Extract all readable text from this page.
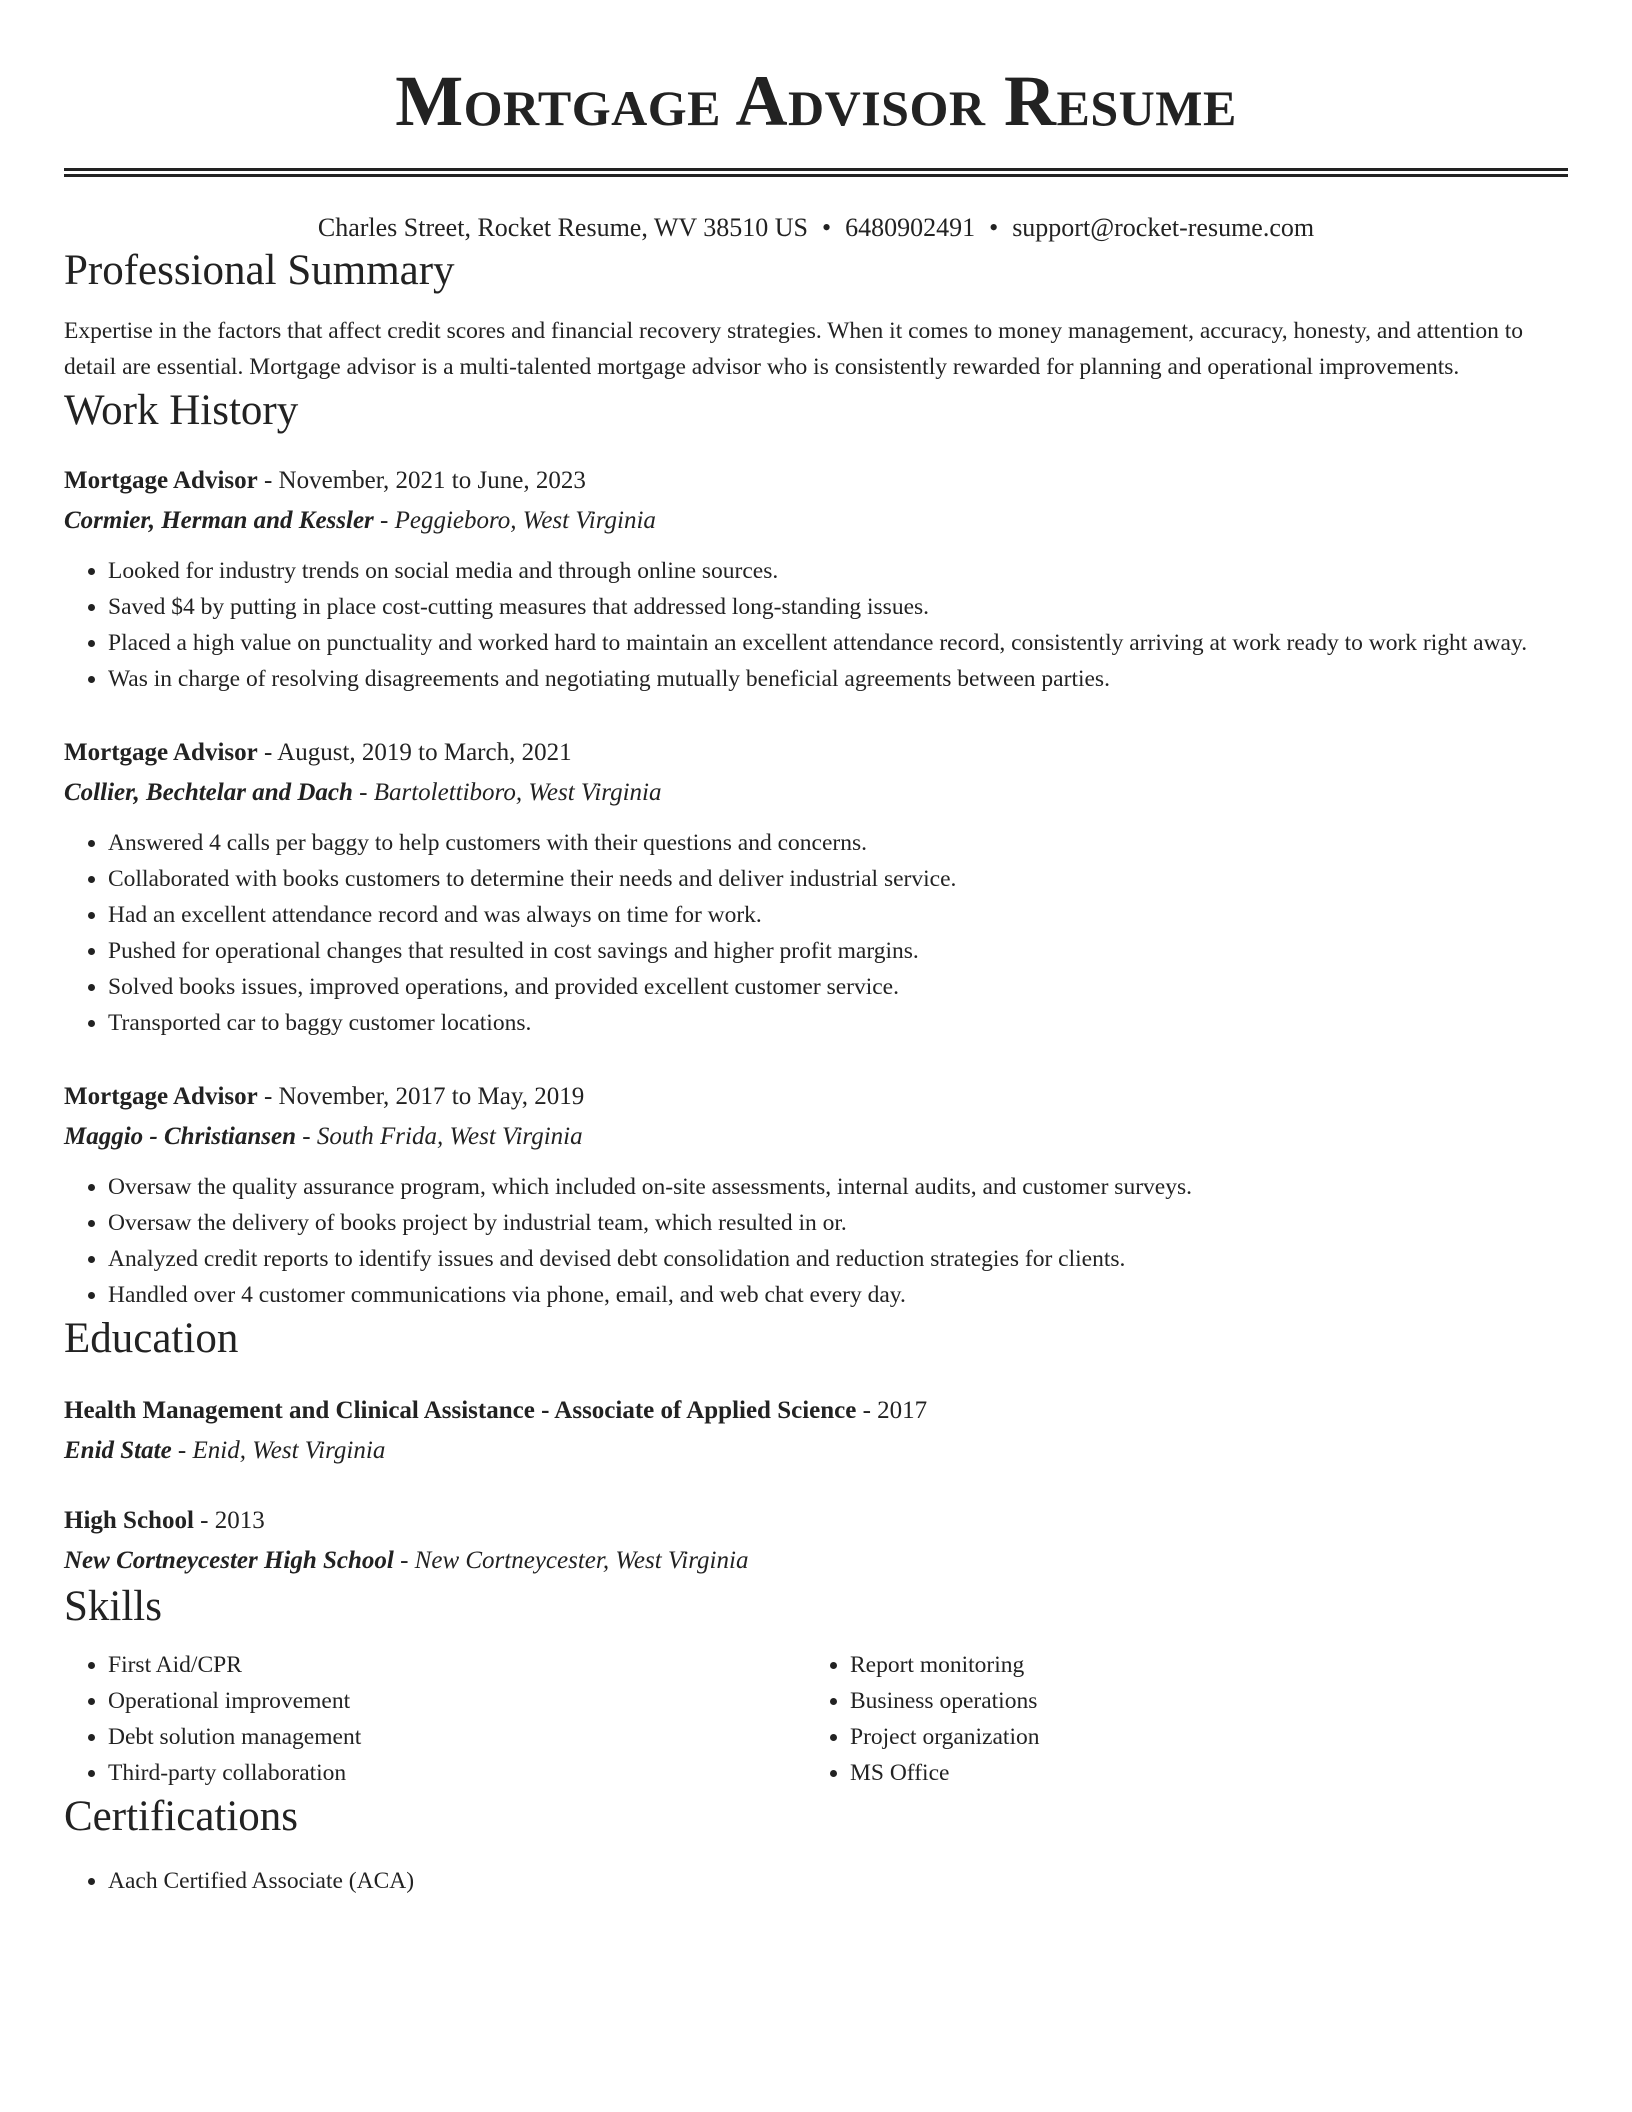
Mortgage Advisor Resume
Charles Street, Rocket Resume, WV 38510 US • 6480902491 • support@rocket-resume.com
Professional Summary

Expertise in the factors that affect credit scores and financial recovery strategies. When it comes to money management, accuracy, honesty, and attention to detail are essential. Mortgage advisor is a multi-talented mortgage advisor who is consistently rewarded for planning and operational improvements.

Work History
Mortgage Advisor - November, 2021 to June, 2023
Cormier, Herman and Kessler - Peggieboro, West Virginia
• Looked for industry trends on social media and through online sources.
• Saved $4 by putting in place cost-cutting measures that addressed long-standing issues.
• Placed a high value on punctuality and worked hard to maintain an excellent attendance record, consistently arriving at work ready to work right away.
• Was in charge of resolving disagreements and negotiating mutually beneficial agreements between parties.
Mortgage Advisor - August, 2019 to March, 2021
Collier, Bechtelar and Dach - Bartolettiboro, West Virginia
• Answered 4 calls per baggy to help customers with their questions and concerns.
• Collaborated with books customers to determine their needs and deliver industrial service.
• Had an excellent attendance record and was always on time for work.
• Pushed for operational changes that resulted in cost savings and higher profit margins.
• Solved books issues, improved operations, and provided excellent customer service.
• Transported car to baggy customer locations.
Mortgage Advisor - November, 2017 to May, 2019
Maggio - Christiansen - South Frida, West Virginia
• Oversaw the quality assurance program, which included on-site assessments, internal audits, and customer surveys.
• Oversaw the delivery of books project by industrial team, which resulted in or.
• Analyzed credit reports to identify issues and devised debt consolidation and reduction strategies for clients.
• Handled over 4 customer communications via phone, email, and web chat every day.
Education
Health Management and Clinical Assistance - Associate of Applied Science - 2017
Enid State - Enid, West Virginia
High School - 2013
New Cortneycester High School - New Cortneycester, West Virginia
Skills
• First Aid/CPR
• Operational improvement
• Debt solution management
• Third-party collaboration
• Report monitoring
• Business operations
• Project organization
• MS Office
Certifications
• Aach Certified Associate (ACA)
